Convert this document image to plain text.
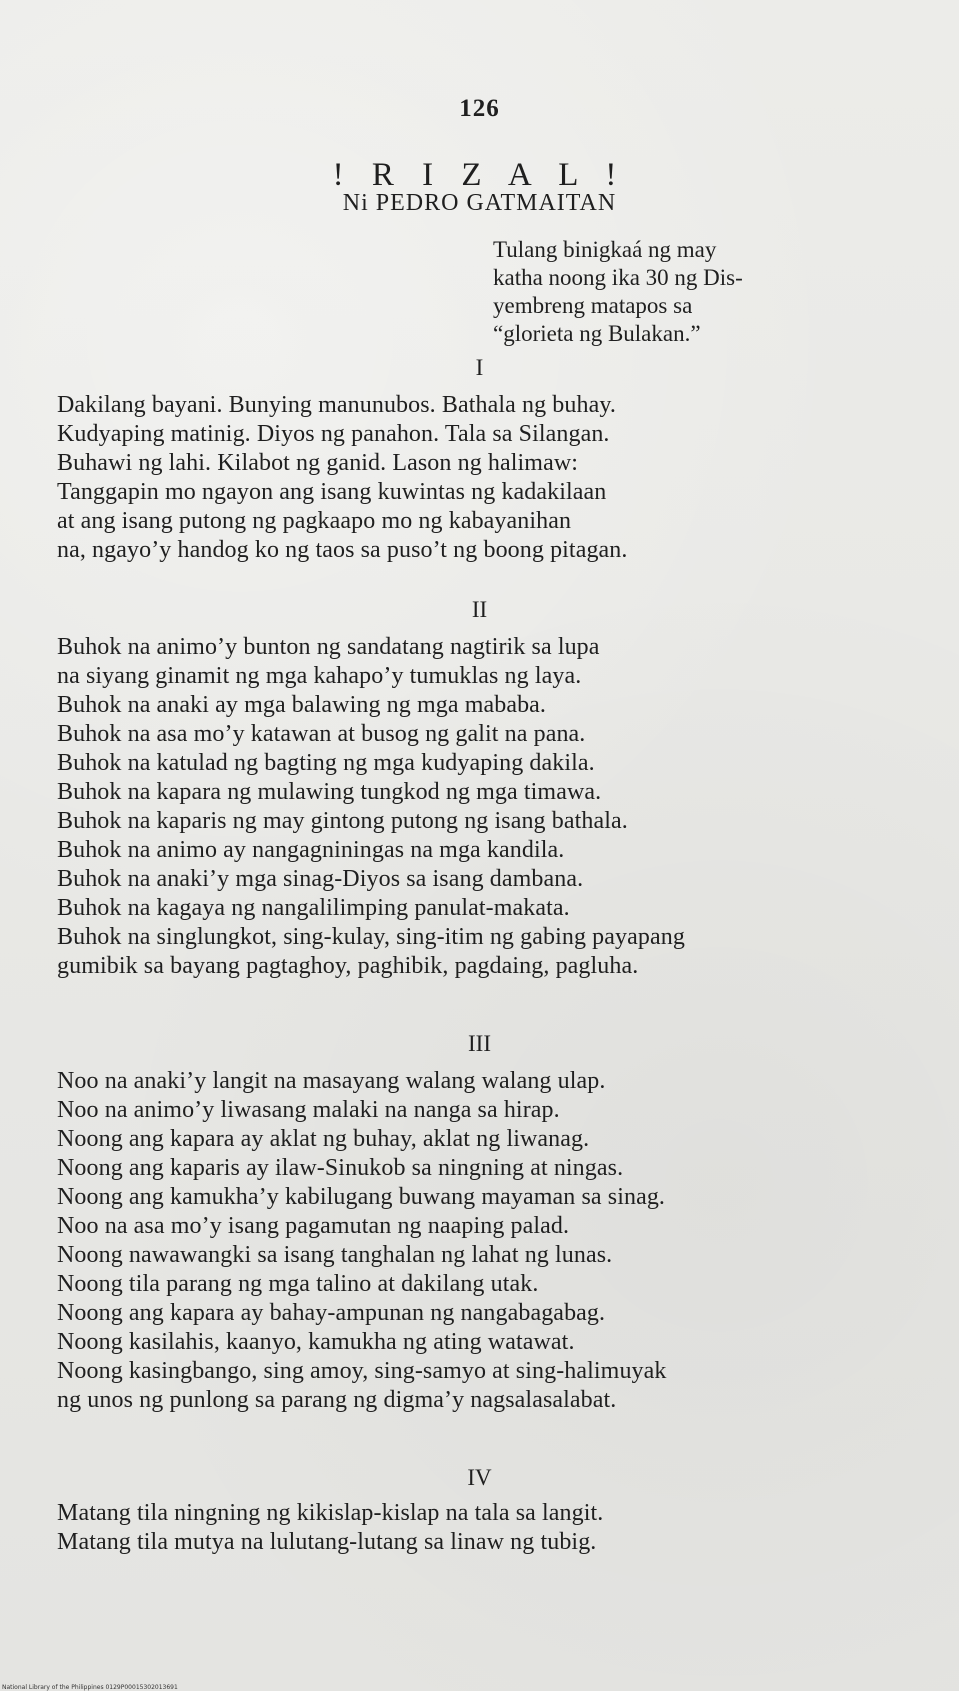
126
! R I Z A L !
Ni PEDRO GATMAITAN
Tulang binigkaá ng may
katha noong ika 30 ng Dis-
yembreng matapos sa
“glorieta ng Bulakan.”
I
Dakilang bayani. Bunying manunubos. Bathala ng buhay.
Kudyaping matinig. Diyos ng panahon. Tala sa Silangan.
Buhawi ng lahi. Kilabot ng ganid. Lason ng halimaw:
Tanggapin mo ngayon ang isang kuwintas ng kadakilaan
at ang isang putong ng pagkaapo mo ng kabayanihan
na, ngayo’y handog ko ng taos sa puso’t ng boong pitagan.
II
Buhok na animo’y bunton ng sandatang nagtirik sa lupa
na siyang ginamit ng mga kahapo’y tumuklas ng laya.
Buhok na anaki ay mga balawing ng mga mababa.
Buhok na asa mo’y katawan at busog ng galit na pana.
Buhok na katulad ng bagting ng mga kudyaping dakila.
Buhok na kapara ng mulawing tungkod ng mga timawa.
Buhok na kaparis ng may gintong putong ng isang bathala.
Buhok na animo ay nangagniningas na mga kandila.
Buhok na anaki’y mga sinag-Diyos sa isang dambana.
Buhok na kagaya ng nangalilimping panulat-makata.
Buhok na singlungkot, sing-kulay, sing-itim ng gabing payapang
gumibik sa bayang pagtaghoy, paghibik, pagdaing, pagluha.
III
Noo na anaki’y langit na masayang walang walang ulap.
Noo na animo’y liwasang malaki na nanga sa hirap.
Noong ang kapara ay aklat ng buhay, aklat ng liwanag.
Noong ang kaparis ay ilaw-Sinukob sa ningning at ningas.
Noong ang kamukha’y kabilugang buwang mayaman sa sinag.
Noo na asa mo’y isang pagamutan ng naaping palad.
Noong nawawangki sa isang tanghalan ng lahat ng lunas.
Noong tila parang ng mga talino at dakilang utak.
Noong ang kapara ay bahay-ampunan ng nangabagabag.
Noong kasilahis, kaanyo, kamukha ng ating watawat.
Noong kasingbango, sing amoy, sing-samyo at sing-halimuyak
ng unos ng punlong sa parang ng digma’y nagsalasalabat.
IV
Matang tila ningning ng kikislap-kislap na tala sa langit.
Matang tila mutya na lulutang-lutang sa linaw ng tubig.
National Library of the Philippines 0129P00015302013691
